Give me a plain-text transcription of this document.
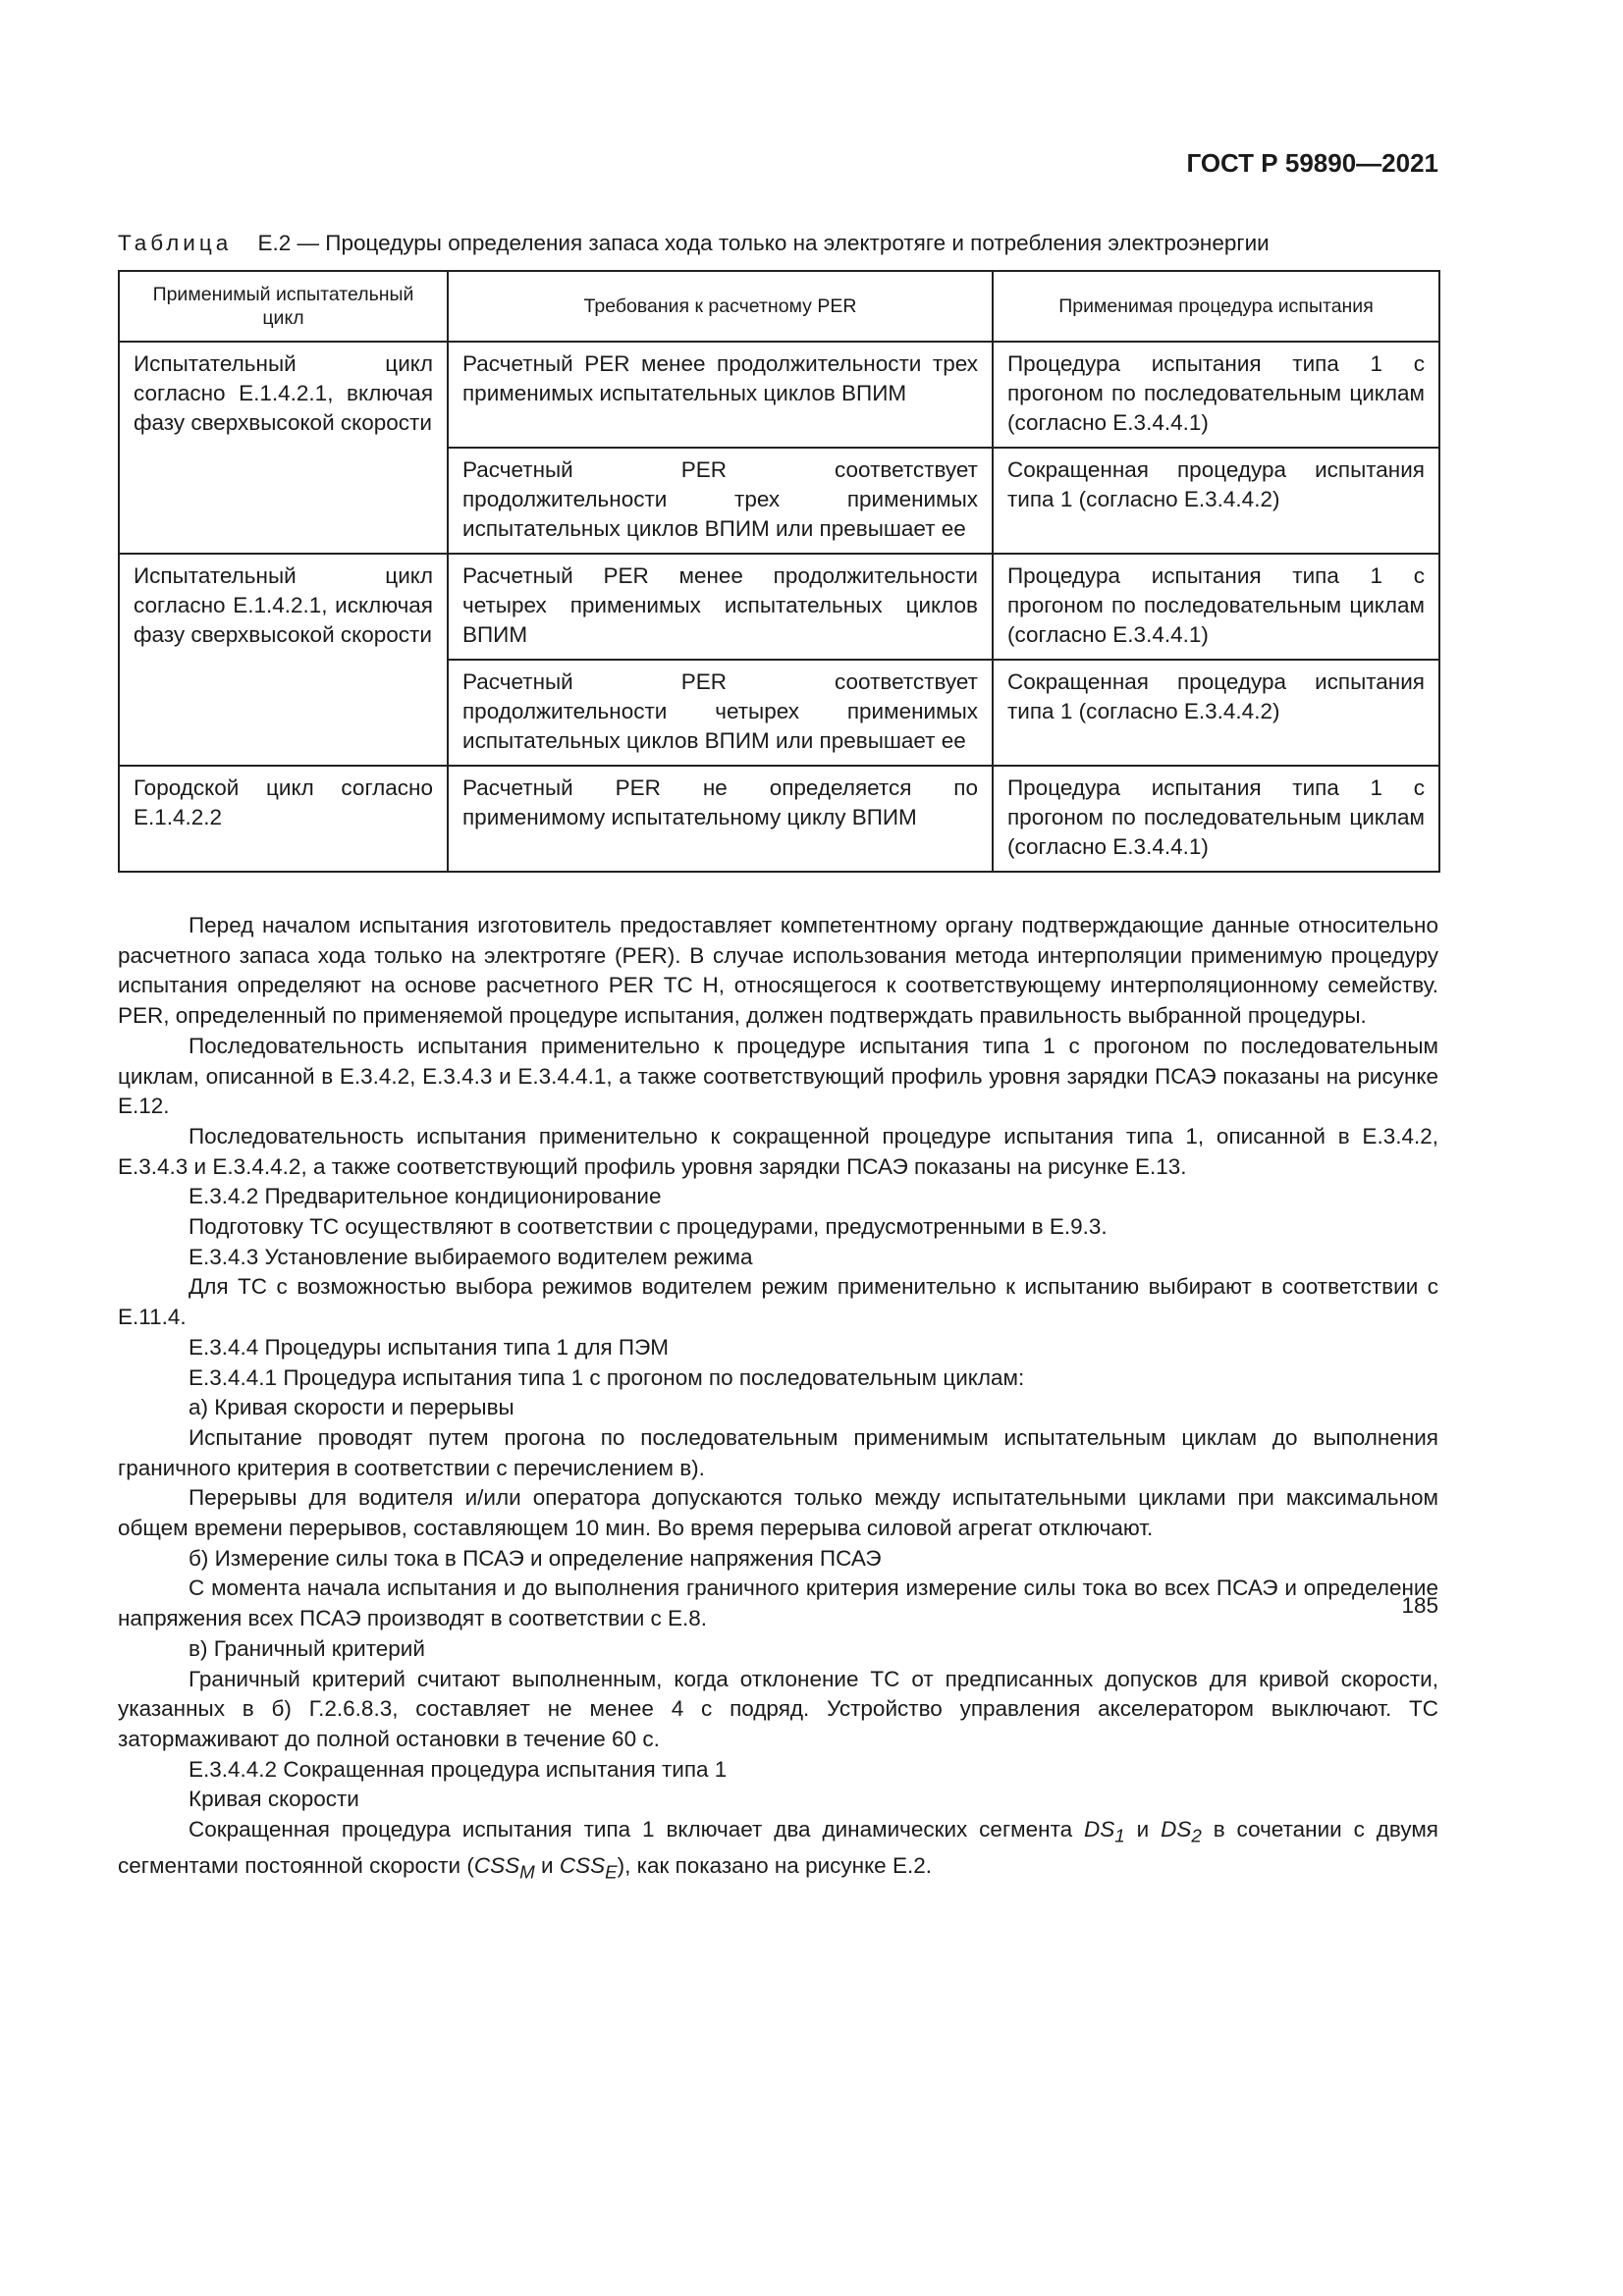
ГОСТ Р 59890—2021
Таблица Е.2 — Процедуры определения запаса хода только на электротяге и потребления электроэнергии
Применимый испытательный цикл	Требования к расчетному PER	Применимая процедура испытания
Испытательный цикл согласно Е.1.4.2.1, включая фазу сверхвысокой скорости	Расчетный PER менее продолжительности трех применимых испытательных циклов ВПИМ	Процедура испытания типа 1 с прогоном по последовательным циклам (согласно Е.3.4.4.1)
	Расчетный PER соответствует продолжительности трех применимых испытательных циклов ВПИМ или превышает ее	Сокращенная процедура испытания типа 1 (согласно Е.3.4.4.2)
Испытательный цикл согласно Е.1.4.2.1, исключая фазу сверхвысокой скорости	Расчетный PER менее продолжительности четырех применимых испытательных циклов ВПИМ	Процедура испытания типа 1 с прогоном по последовательным циклам (согласно Е.3.4.4.1)
	Расчетный PER соответствует продолжительности четырех применимых испытательных циклов ВПИМ или превышает ее	Сокращенная процедура испытания типа 1 (согласно Е.3.4.4.2)
Городской цикл согласно Е.1.4.2.2	Расчетный PER не определяется по применимому испытательному циклу ВПИМ	Процедура испытания типа 1 с прогоном по последовательным циклам (согласно Е.3.4.4.1)

Перед началом испытания изготовитель предоставляет компетентному органу подтверждающие данные относительно расчетного запаса хода только на электротяге (PER). В случае использования метода интерполяции применимую процедуру испытания определяют на основе расчетного PER ТС Н, относящегося к соответствующему интерполяционному семейству. PER, определенный по применяемой процедуре испытания, должен подтверждать правильность выбранной процедуры.

Последовательность испытания применительно к процедуре испытания типа 1 с прогоном по последовательным циклам, описанной в Е.3.4.2, Е.3.4.3 и Е.3.4.4.1, а также соответствующий профиль уровня зарядки ПСАЭ показаны на рисунке Е.12.

Последовательность испытания применительно к сокращенной процедуре испытания типа 1, описанной в Е.3.4.2, Е.3.4.3 и Е.3.4.4.2, а также соответствующий профиль уровня зарядки ПСАЭ показаны на рисунке Е.13.

Е.3.4.2 Предварительное кондиционирование

Подготовку ТС осуществляют в соответствии с процедурами, предусмотренными в Е.9.3.

Е.3.4.3 Установление выбираемого водителем режима

Для ТС с возможностью выбора режимов водителем режим применительно к испытанию выбирают в соответствии с Е.11.4.

Е.3.4.4 Процедуры испытания типа 1 для ПЭМ

Е.3.4.4.1 Процедура испытания типа 1 с прогоном по последовательным циклам:

а) Кривая скорости и перерывы

Испытание проводят путем прогона по последовательным применимым испытательным циклам до выполнения граничного критерия в соответствии с перечислением в).

Перерывы для водителя и/или оператора допускаются только между испытательными циклами при максимальном общем времени перерывов, составляющем 10 мин. Во время перерыва силовой агрегат отключают.

б) Измерение силы тока в ПСАЭ и определение напряжения ПСАЭ

С момента начала испытания и до выполнения граничного критерия измерение силы тока во всех ПСАЭ и определение напряжения всех ПСАЭ производят в соответствии с Е.8.

в) Граничный критерий

Граничный критерий считают выполненным, когда отклонение ТС от предписанных допусков для кривой скорости, указанных в б) Г.2.6.8.3, составляет не менее 4 с подряд. Устройство управления акселератором выключают. ТС затормаживают до полной остановки в течение 60 с.

Е.3.4.4.2 Сокращенная процедура испытания типа 1

Кривая скорости

Сокращенная процедура испытания типа 1 включает два динамических сегмента $DS_1$ и $DS_2$ в сочетании с двумя сегментами постоянной скорости ($CSS_M$ и $CSS_E$), как показано на рисунке Е.2.

185
